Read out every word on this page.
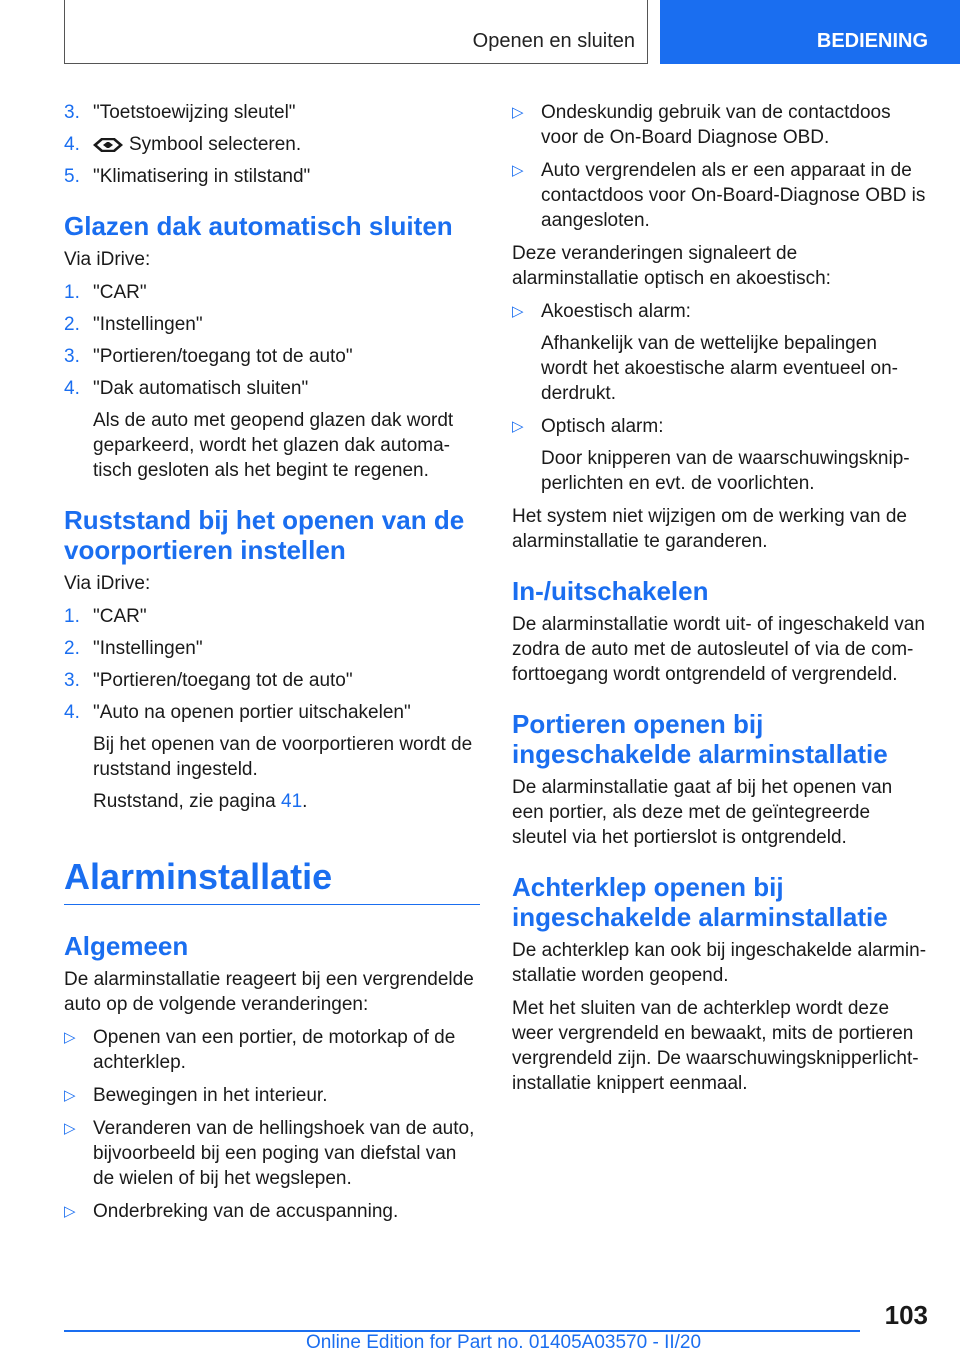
Openen en sluiten	BEDIENING
3. "Toetstoewijzing sleutel"
4.	Symbool selecteren.
5. "Klimatisering in stilstand"
Glazen dak automatisch sluiten

Via iDrive:

1. "CAR"
2. "Instellingen"
3. "Portieren/toegang tot de auto"
4. "Dak automatisch sluiten"
Als de auto met geopend glazen dak wordt geparkeerd, wordt het glazen dak automatisch gesloten als het begint te regenen.
Ruststand bij het openen van de voorportieren instellen

Via iDrive:

1. "CAR"
2. "Instellingen"
3. "Portieren/toegang tot de auto"
4. "Auto na openen portier uitschakelen"
Bij het openen van de voorportieren wordt de ruststand ingesteld.
Ruststand, zie pagina 41.
Alarminstallatie
Algemeen

De alarminstallatie reageert bij een vergrendelde auto op de volgende veranderingen:

▷ Openen van een portier, de motorkap of de achterklep.
▷ Bewegingen in het interieur.
▷ Veranderen van de hellingshoek van de auto, bijvoorbeeld bij een poging van diefstal van de wielen of bij het wegslepen.
▷ Onderbreking van de accuspanning.
▷ Ondeskundig gebruik van de contactdoos voor de On-Board Diagnose OBD.
▷ Auto vergrendelen als er een apparaat in de contactdoos voor On-Board-Diagnose OBD is aangesloten.

Deze veranderingen signaleert de alarminstallatie optisch en akoestisch:

▷ Akoestisch alarm:
Afhankelijk van de wettelijke bepalingen wordt het akoestische alarm eventueel onderdrukt.
▷ Optisch alarm:
Door knipperen van de waarschuwingsknipperlichten en evt. de voorlichten.

Het system niet wijzigen om de werking van de alarminstallatie te garanderen.

In-/uitschakelen

De alarminstallatie wordt uit- of ingeschakeld van zodra de auto met de autosleutel of via de comforttoegang wordt ontgrendeld of vergrendeld.

Portieren openen bij ingeschakelde alarminstallatie

De alarminstallatie gaat af bij het openen van een portier, als deze met de geïntegreerde sleutel via het portierslot is ontgrendeld.

Achterklep openen bij ingeschakelde alarminstallatie

De achterklep kan ook bij ingeschakelde alarminstallatie worden geopend.

Met het sluiten van de achterklep wordt deze weer vergrendeld en bewaakt, mits de portieren vergrendeld zijn. De waarschuwingsknipperlichtinstallatie knippert eenmaal.

103
Online Edition for Part no. 01405A03570 - II/20
